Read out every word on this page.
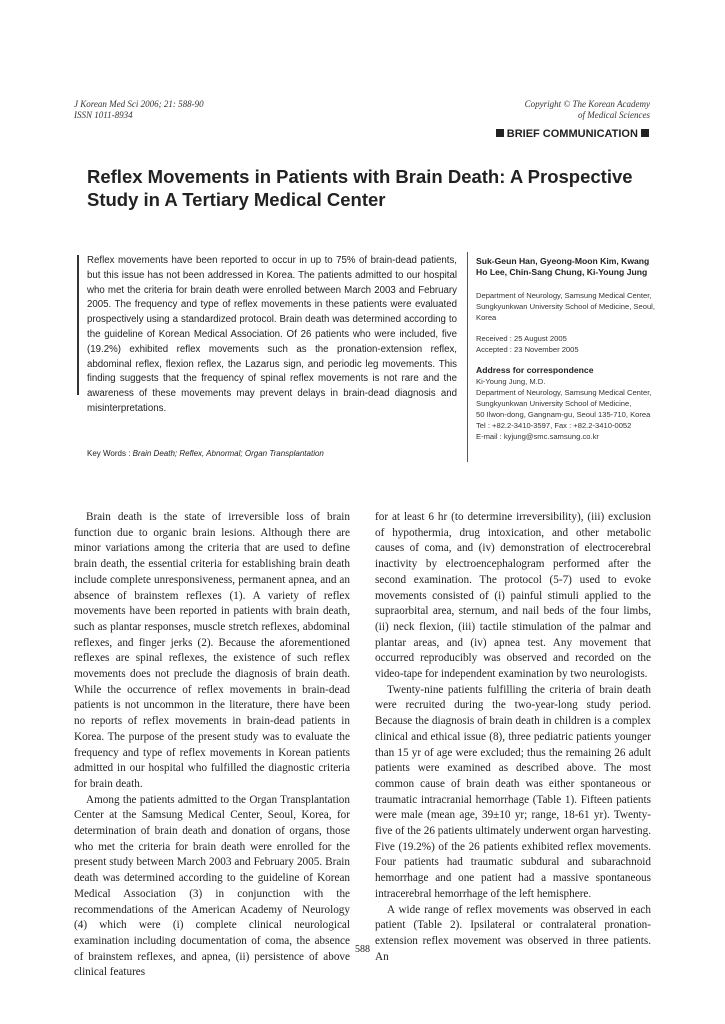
J Korean Med Sci 2006; 21: 588-90
ISSN 1011-8934
Copyright © The Korean Academy
of Medical Sciences
BRIEF COMMUNICATION
Reflex Movements in Patients with Brain Death: A Prospective Study in A Tertiary Medical Center
Reflex movements have been reported to occur in up to 75% of brain-dead patients, but this issue has not been addressed in Korea. The patients admitted to our hospital who met the criteria for brain death were enrolled between March 2003 and February 2005. The frequency and type of reflex movements in these patients were evaluated prospectively using a standardized protocol. Brain death was determined according to the guideline of Korean Medical Association. Of 26 patients who were included, five (19.2%) exhibited reflex movements such as the pronation-extension reflex, abdominal reflex, flexion reflex, the Lazarus sign, and periodic leg movements. This finding suggests that the frequency of spinal reflex movements is not rare and the awareness of these movements may prevent delays in brain-dead diagnosis and misinterpretations.
Key Words : Brain Death; Reflex, Abnormal; Organ Transplantation
Suk-Geun Han, Gyeong-Moon Kim, Kwang Ho Lee, Chin-Sang Chung, Ki-Young Jung
Department of Neurology, Samsung Medical Center, Sungkyunkwan University School of Medicine, Seoul, Korea
Received : 25 August 2005
Accepted : 23 November 2005
Address for correspondence
Ki-Young Jung, M.D.
Department of Neurology, Samsung Medical Center,
Sungkyunkwan University School of Medicine,
50 Ilwon-dong, Gangnam-gu, Seoul 135-710, Korea
Tel : +82.2-3410-3597, Fax : +82.2-3410-0052
E-mail : kyjung@smc.samsung.co.kr

Brain death is the state of irreversible loss of brain function due to organic brain lesions. Although there are minor variations among the criteria that are used to define brain death, the essential criteria for establishing brain death include complete unresponsiveness, permanent apnea, and an absence of brainstem reflexes (1). A variety of reflex movements have been reported in patients with brain death, such as plantar responses, muscle stretch reflexes, abdominal reflexes, and finger jerks (2). Because the aforementioned reflexes are spinal reflexes, the existence of such reflex movements does not preclude the diagnosis of brain death. While the occurrence of reflex movements in brain-dead patients is not uncommon in the literature, there have been no reports of reflex movements in brain-dead patients in Korea. The purpose of the present study was to evaluate the frequency and type of reflex movements in Korean patients admitted in our hospital who fulfilled the diagnostic criteria for brain death.

Among the patients admitted to the Organ Transplantation Center at the Samsung Medical Center, Seoul, Korea, for determination of brain death and donation of organs, those who met the criteria for brain death were enrolled for the present study between March 2003 and February 2005. Brain death was determined according to the guideline of Korean Medical Association (3) in conjunction with the recommendations of the American Academy of Neurology (4) which were (i) complete clinical neurological examination including documentation of coma, the absence of brainstem reflexes, and apnea, (ii) persistence of above clinical features

for at least 6 hr (to determine irreversibility), (iii) exclusion of hypothermia, drug intoxication, and other metabolic causes of coma, and (iv) demonstration of electrocerebral inactivity by electroencephalogram performed after the second examination. The protocol (5-7) used to evoke movements consisted of (i) painful stimuli applied to the supraorbital area, sternum, and nail beds of the four limbs, (ii) neck flexion, (iii) tactile stimulation of the palmar and plantar areas, and (iv) apnea test. Any movement that occurred reproducibly was observed and recorded on the video-tape for independent examination by two neurologists.

Twenty-nine patients fulfilling the criteria of brain death were recruited during the two-year-long study period. Because the diagnosis of brain death in children is a complex clinical and ethical issue (8), three pediatric patients younger than 15 yr of age were excluded; thus the remaining 26 adult patients were examined as described above. The most common cause of brain death was either spontaneous or traumatic intracranial hemorrhage (Table 1). Fifteen patients were male (mean age, 39±10 yr; range, 18-61 yr). Twenty-five of the 26 patients ultimately underwent organ harvesting. Five (19.2%) of the 26 patients exhibited reflex movements. Four patients had traumatic subdural and subarachnoid hemorrhage and one patient had a massive spontaneous intracerebral hemorrhage of the left hemisphere.

A wide range of reflex movements was observed in each patient (Table 2). Ipsilateral or contralateral pronation-extension reflex movement was observed in three patients. An

588
